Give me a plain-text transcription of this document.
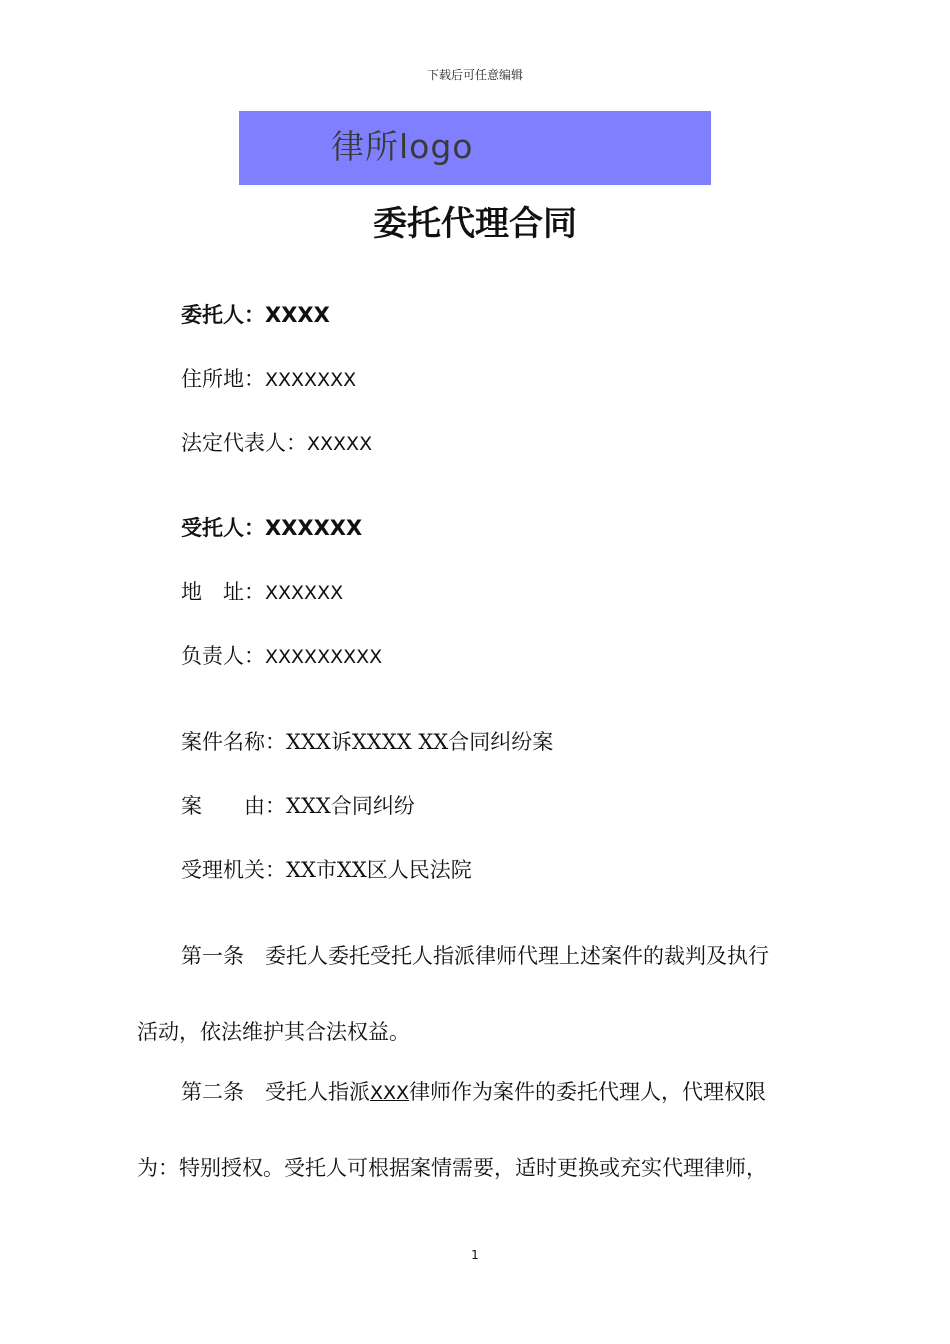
下载后可任意编辑
律所logo
委托代理合同
委托人：XXXX
住所地：XXXXXXX
法定代表人：XXXXX
受托人：XXXXXX
地　址：XXXXXX
负责人：XXXXXXXXX
案件名称：XXX诉XXXX XX合同纠纷案
案　　由：XXX合同纠纷
受理机关：XX市XX区人民法院
第一条　委托人委托受托人指派律师代理上述案件的裁判及执行
活动，依法维护其合法权益。
第二条　受托人指派XXX律师作为案件的委托代理人，代理权限
为：特别授权。受托人可根据案情需要，适时更换或充实代理律师，
1
